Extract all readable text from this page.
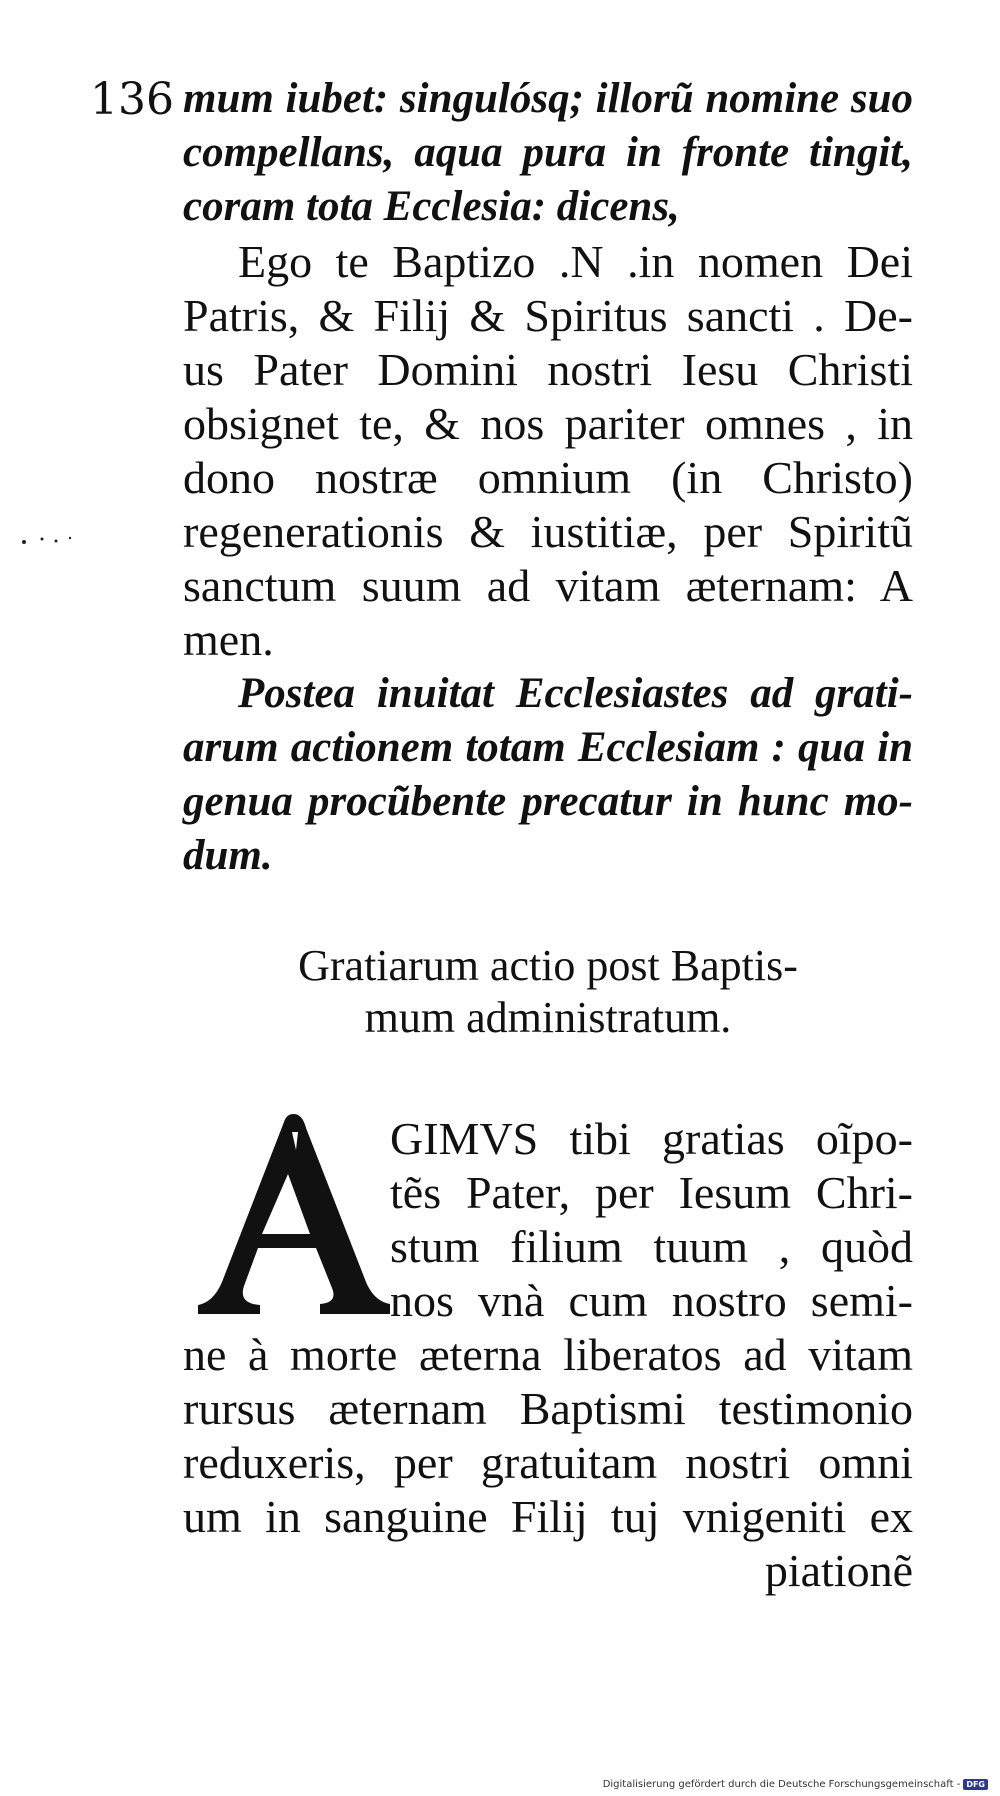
136 mum iubet: singulósq; illorũ nomine suo
compellans, aqua pura in fronte tingit,
coram tota Ecclesia: dicens,
Ego te Baptizo .N .in nomen Dei
Patris, & Filij & Spiritus sancti . De-
us Pater Domini nostri Iesu Christi
obsignet te, & nos pariter omnes , in
dono nostræ omnium (in Christo)
regenerationis & iustitiæ, per Spiritũ
sanctum suum ad vitam æternam: A
men.
Postea inuitat Ecclesiastes ad grati-
arum actionem totam Ecclesiam : qua in
genua procũbente precatur in hunc mo-
dum.
Gratiarum actio post Baptis-
mum administratum.
GIMVS tibi gratias oĩpo-
tẽs Pater, per Iesum Chri-
stum filium tuum , quòd
nos vnà cum nostro semi-
ne à morte æterna liberatos ad vitam
rursus æternam Baptismi testimonio
reduxeris, per gratuitam nostri omni
um in sanguine Filij tuj vnigeniti ex
piationẽ
Digitalisierung gefördert durch die Deutsche Forschungsgemeinschaft - DFG
